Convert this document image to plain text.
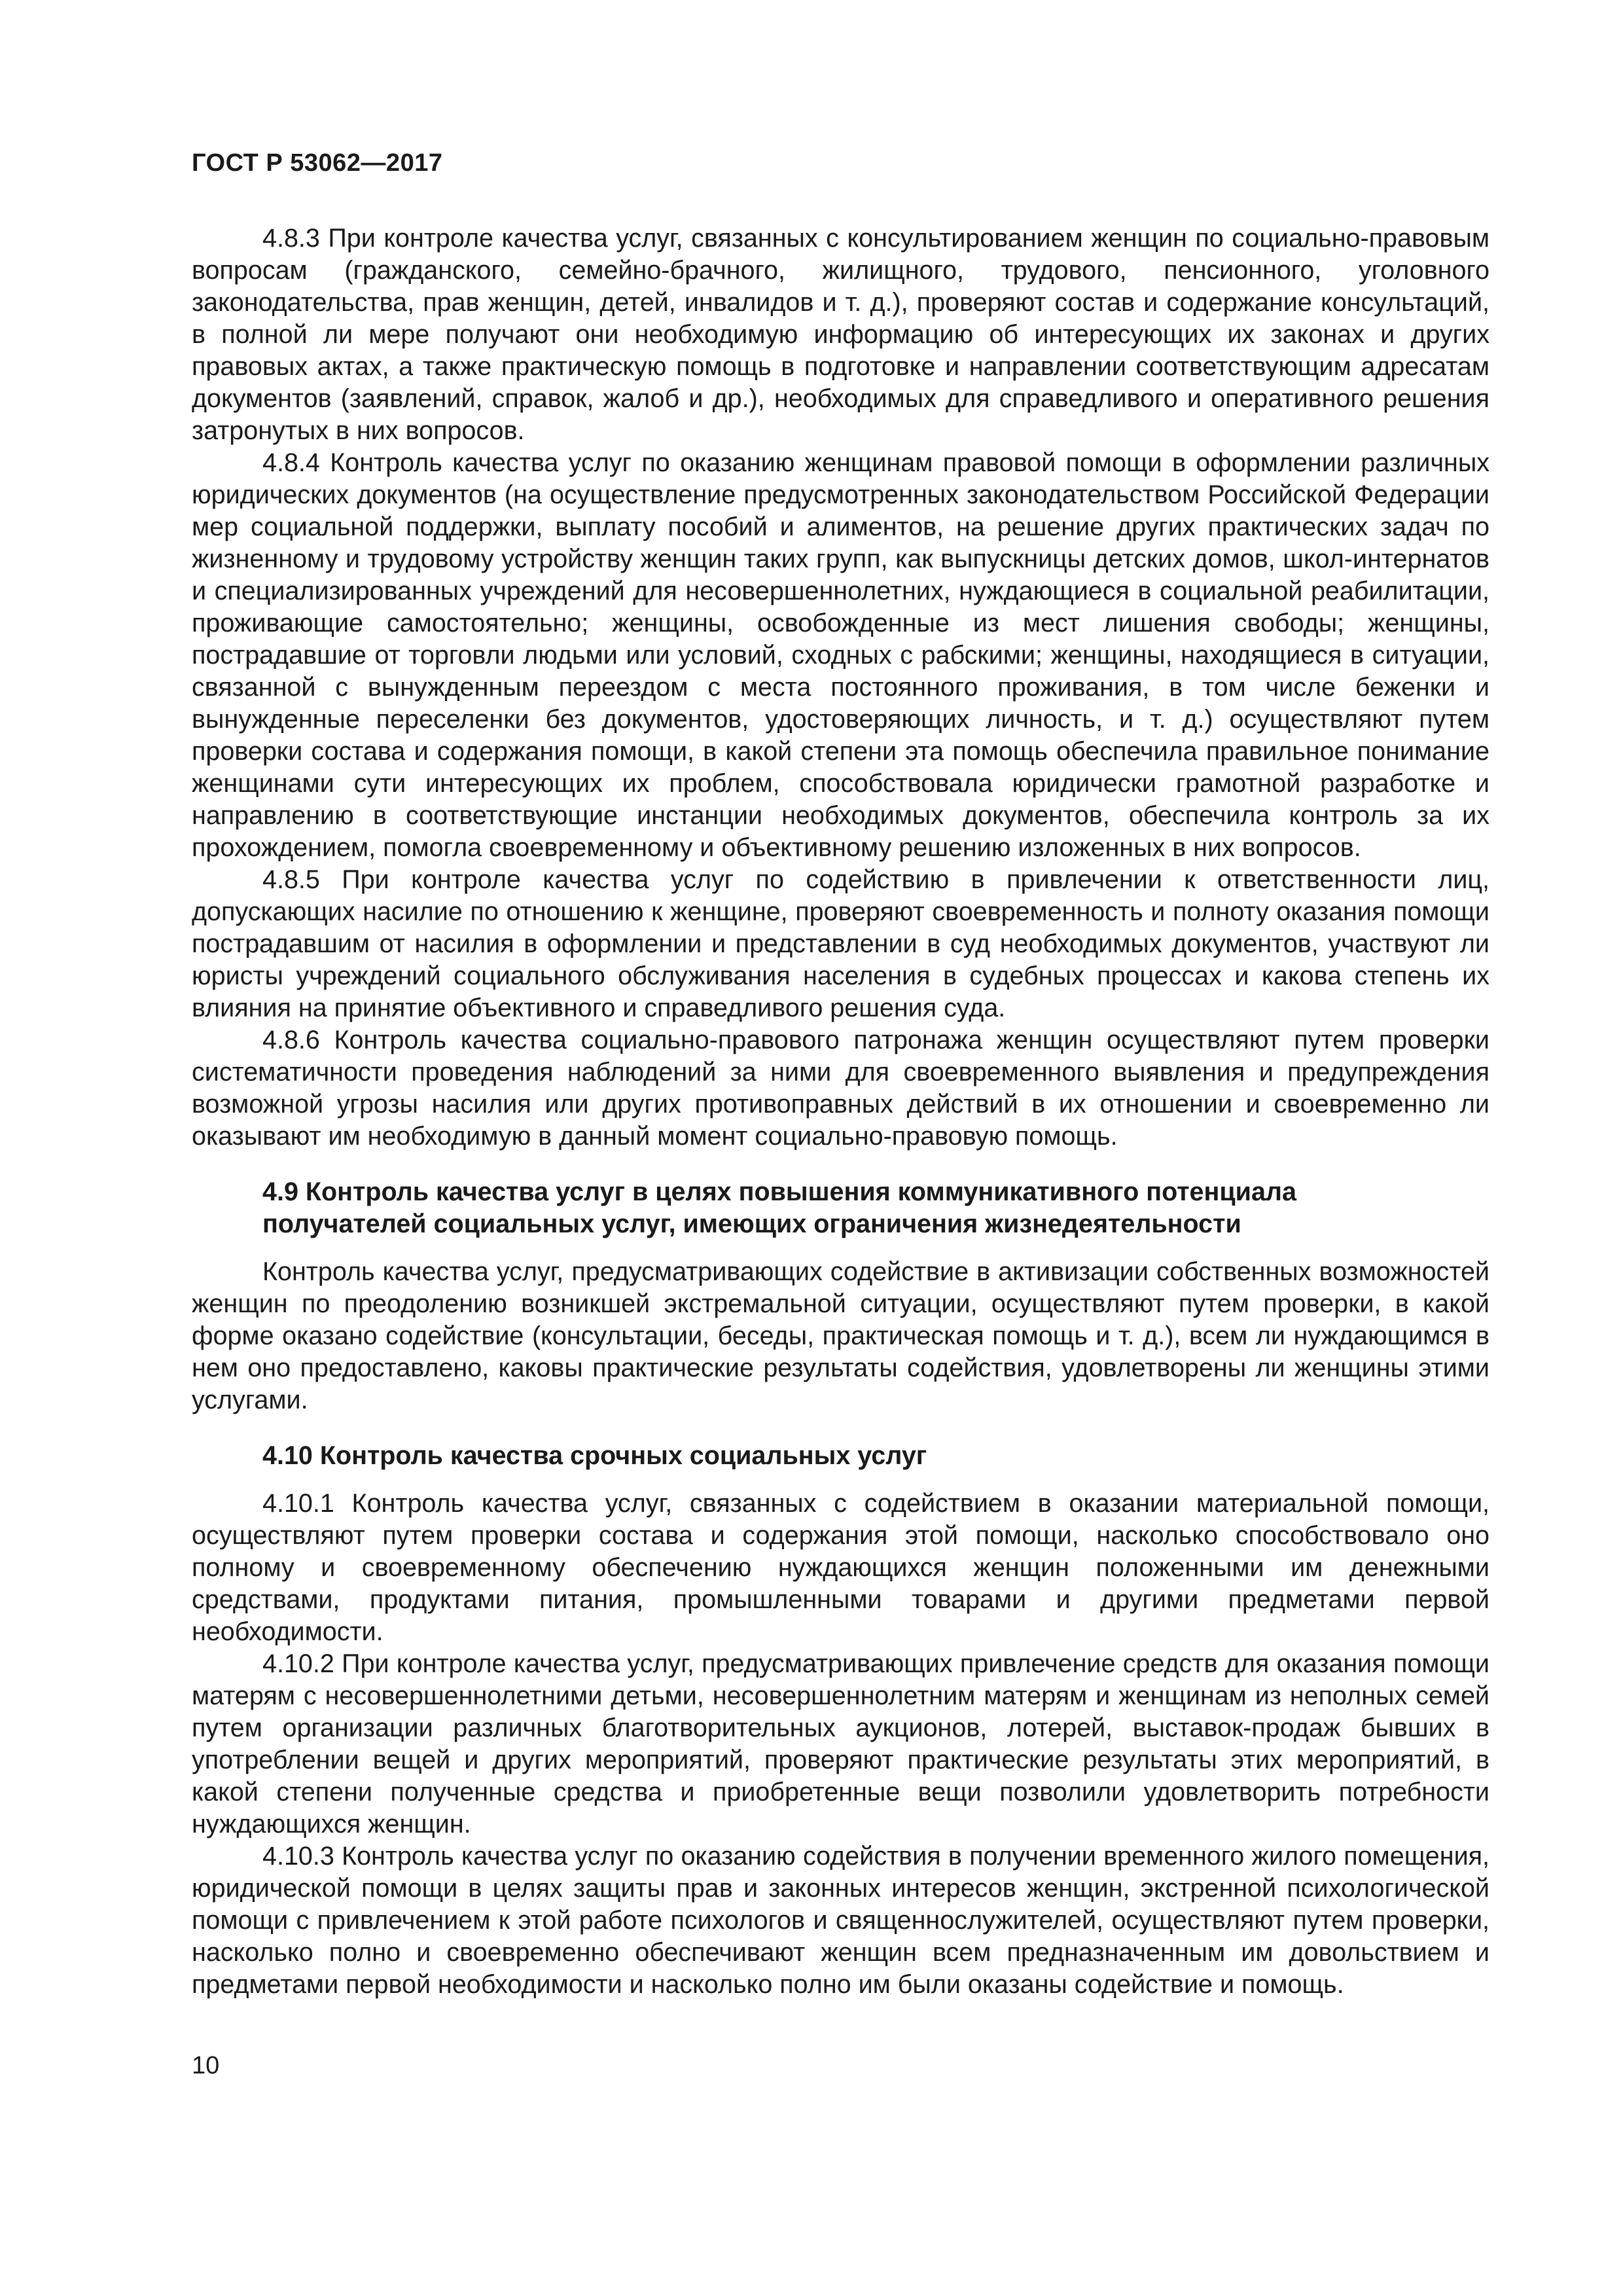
ГОСТ Р 53062—2017

4.8.3 При контроле качества услуг, связанных с консультированием женщин по социально-правовым вопросам (гражданского, семейно-брачного, жилищного, трудового, пенсионного, уголовного законодательства, прав женщин, детей, инвалидов и т. д.), проверяют состав и содержание консультаций, в полной ли мере получают они необходимую информацию об интересующих их законах и других правовых актах, а также практическую помощь в подготовке и направлении соответствующим адресатам документов (заявлений, справок, жалоб и др.), необходимых для справедливого и оперативного решения затронутых в них вопросов.

4.8.4 Контроль качества услуг по оказанию женщинам правовой помощи в оформлении различных юридических документов (на осуществление предусмотренных законодательством Российской Федерации мер социальной поддержки, выплату пособий и алиментов, на решение других практических задач по жизненному и трудовому устройству женщин таких групп, как выпускницы детских домов, школ-интернатов и специализированных учреждений для несовершеннолетних, нуждающиеся в социальной реабилитации, проживающие самостоятельно; женщины, освобожденные из мест лишения свободы; женщины, пострадавшие от торговли людьми или условий, сходных с рабскими; женщины, находящиеся в ситуации, связанной с вынужденным переездом с места постоянного проживания, в том числе беженки и вынужденные переселенки без документов, удостоверяющих личность, и т. д.) осуществляют путем проверки состава и содержания помощи, в какой степени эта помощь обеспечила правильное понимание женщинами сути интересующих их проблем, способствовала юридически грамотной разработке и направлению в соответствующие инстанции необходимых документов, обеспечила контроль за их прохождением, помогла своевременному и объективному решению изложенных в них вопросов.

4.8.5 При контроле качества услуг по содействию в привлечении к ответственности лиц, допускающих насилие по отношению к женщине, проверяют своевременность и полноту оказания помощи пострадавшим от насилия в оформлении и представлении в суд необходимых документов, участвуют ли юристы учреждений социального обслуживания населения в судебных процессах и какова степень их влияния на принятие объективного и справедливого решения суда.

4.8.6 Контроль качества социально-правового патронажа женщин осуществляют путем проверки систематичности проведения наблюдений за ними для своевременного выявления и предупреждения возможной угрозы насилия или других противоправных действий в их отношении и своевременно ли оказывают им необходимую в данный момент социально-правовую помощь.

4.9 Контроль качества услуг в целях повышения коммуникативного потенциала

получателей социальных услуг, имеющих ограничения жизнедеятельности

Контроль качества услуг, предусматривающих содействие в активизации собственных возможностей женщин по преодолению возникшей экстремальной ситуации, осуществляют путем проверки, в какой форме оказано содействие (консультации, беседы, практическая помощь и т. д.), всем ли нуждающимся в нем оно предоставлено, каковы практические результаты содействия, удовлетворены ли женщины этими услугами.

4.10 Контроль качества срочных социальных услуг

4.10.1 Контроль качества услуг, связанных с содействием в оказании материальной помощи, осуществляют путем проверки состава и содержания этой помощи, насколько способствовало оно полному и своевременному обеспечению нуждающихся женщин положенными им денежными средствами, продуктами питания, промышленными товарами и другими предметами первой необходимости.

4.10.2 При контроле качества услуг, предусматривающих привлечение средств для оказания помощи матерям с несовершеннолетними детьми, несовершеннолетним матерям и женщинам из неполных семей путем организации различных благотворительных аукционов, лотерей, выставок-продаж бывших в употреблении вещей и других мероприятий, проверяют практические результаты этих мероприятий, в какой степени полученные средства и приобретенные вещи позволили удовлетворить потребности нуждающихся женщин.

4.10.3 Контроль качества услуг по оказанию содействия в получении временного жилого помещения, юридической помощи в целях защиты прав и законных интересов женщин, экстренной психологической помощи с привлечением к этой работе психологов и священнослужителей, осуществляют путем проверки, насколько полно и своевременно обеспечивают женщин всем предназначенным им довольствием и предметами первой необходимости и насколько полно им были оказаны содействие и помощь.

10
